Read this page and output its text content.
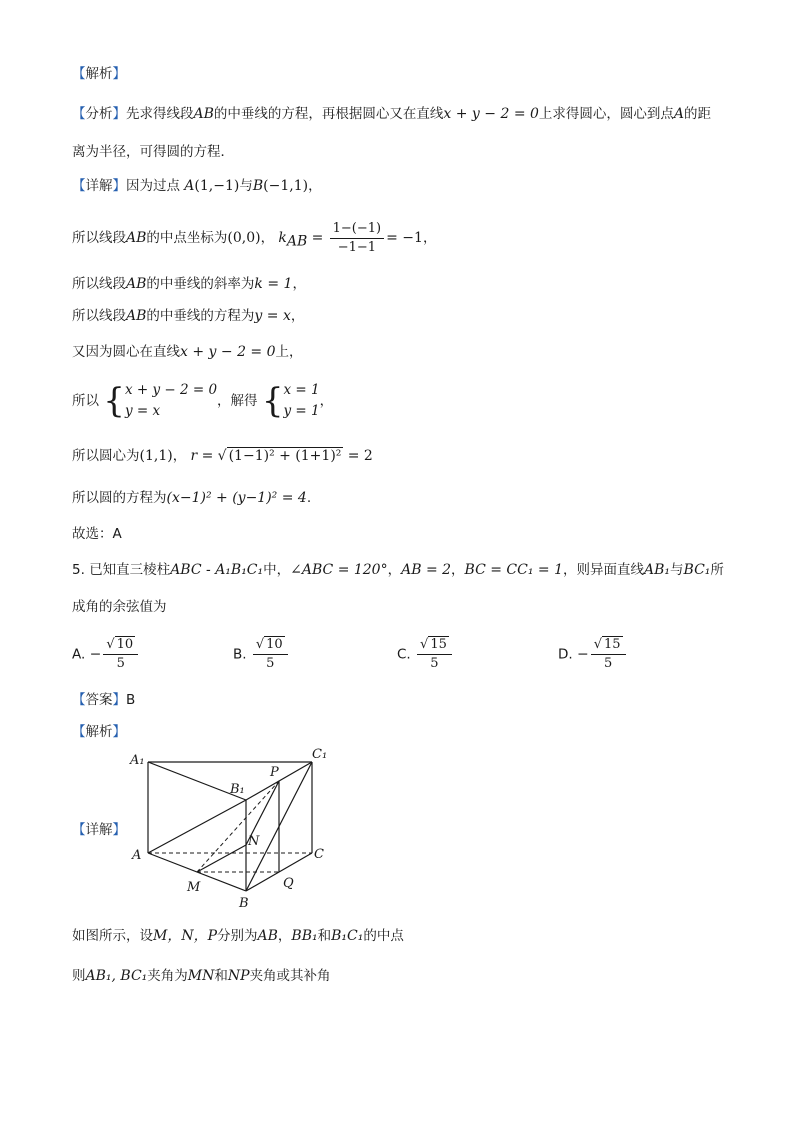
【解析】
【分析】先求得线段AB的中垂线的方程，再根据圆心又在直线x + y − 2 = 0上求得圆心，圆心到点A的距
离为半径，可得圆的方程．
【详解】因为过点 A(1,−1)与B(−1,1)，
所以线段AB的中点坐标为(0,0)， $k_{AB} = \frac{1-(-1)}{-1-1} = -1$，
所以线段AB的中垂线的斜率为k = 1，
所以线段AB的中垂线的方程为y = x，
又因为圆心在直线x + y − 2 = 0上，
所以 { x + y − 2 = 0
y = x
，解得 { x = 1
y = 1
，
所以圆心为(1,1)， r = √ (1−1)² + (1+1)² = 2
所以圆的方程为(x−1)² + (y−1)² = 4.
故选：A
5. 已知直三棱柱ABC - A₁B₁C₁中，∠ABC = 120°，AB = 2，BC = CC₁ = 1，则异面直线AB₁与BC₁所
成角的余弦值为
A. − $\frac{√ 10}{5}$	B. $\frac{√ 10}{5}$	C. $\frac{√ 15}{5}$	D. − $\frac{√ 15}{5}$
【答案】B
【解析】
【详解】
A₁
B₁
C₁
P
N
A	C
M	Q
B
如图所示，设M，N，P分别为AB，BB₁和B₁C₁的中点
则AB₁, BC₁夹角为MN和NP夹角或其补角
